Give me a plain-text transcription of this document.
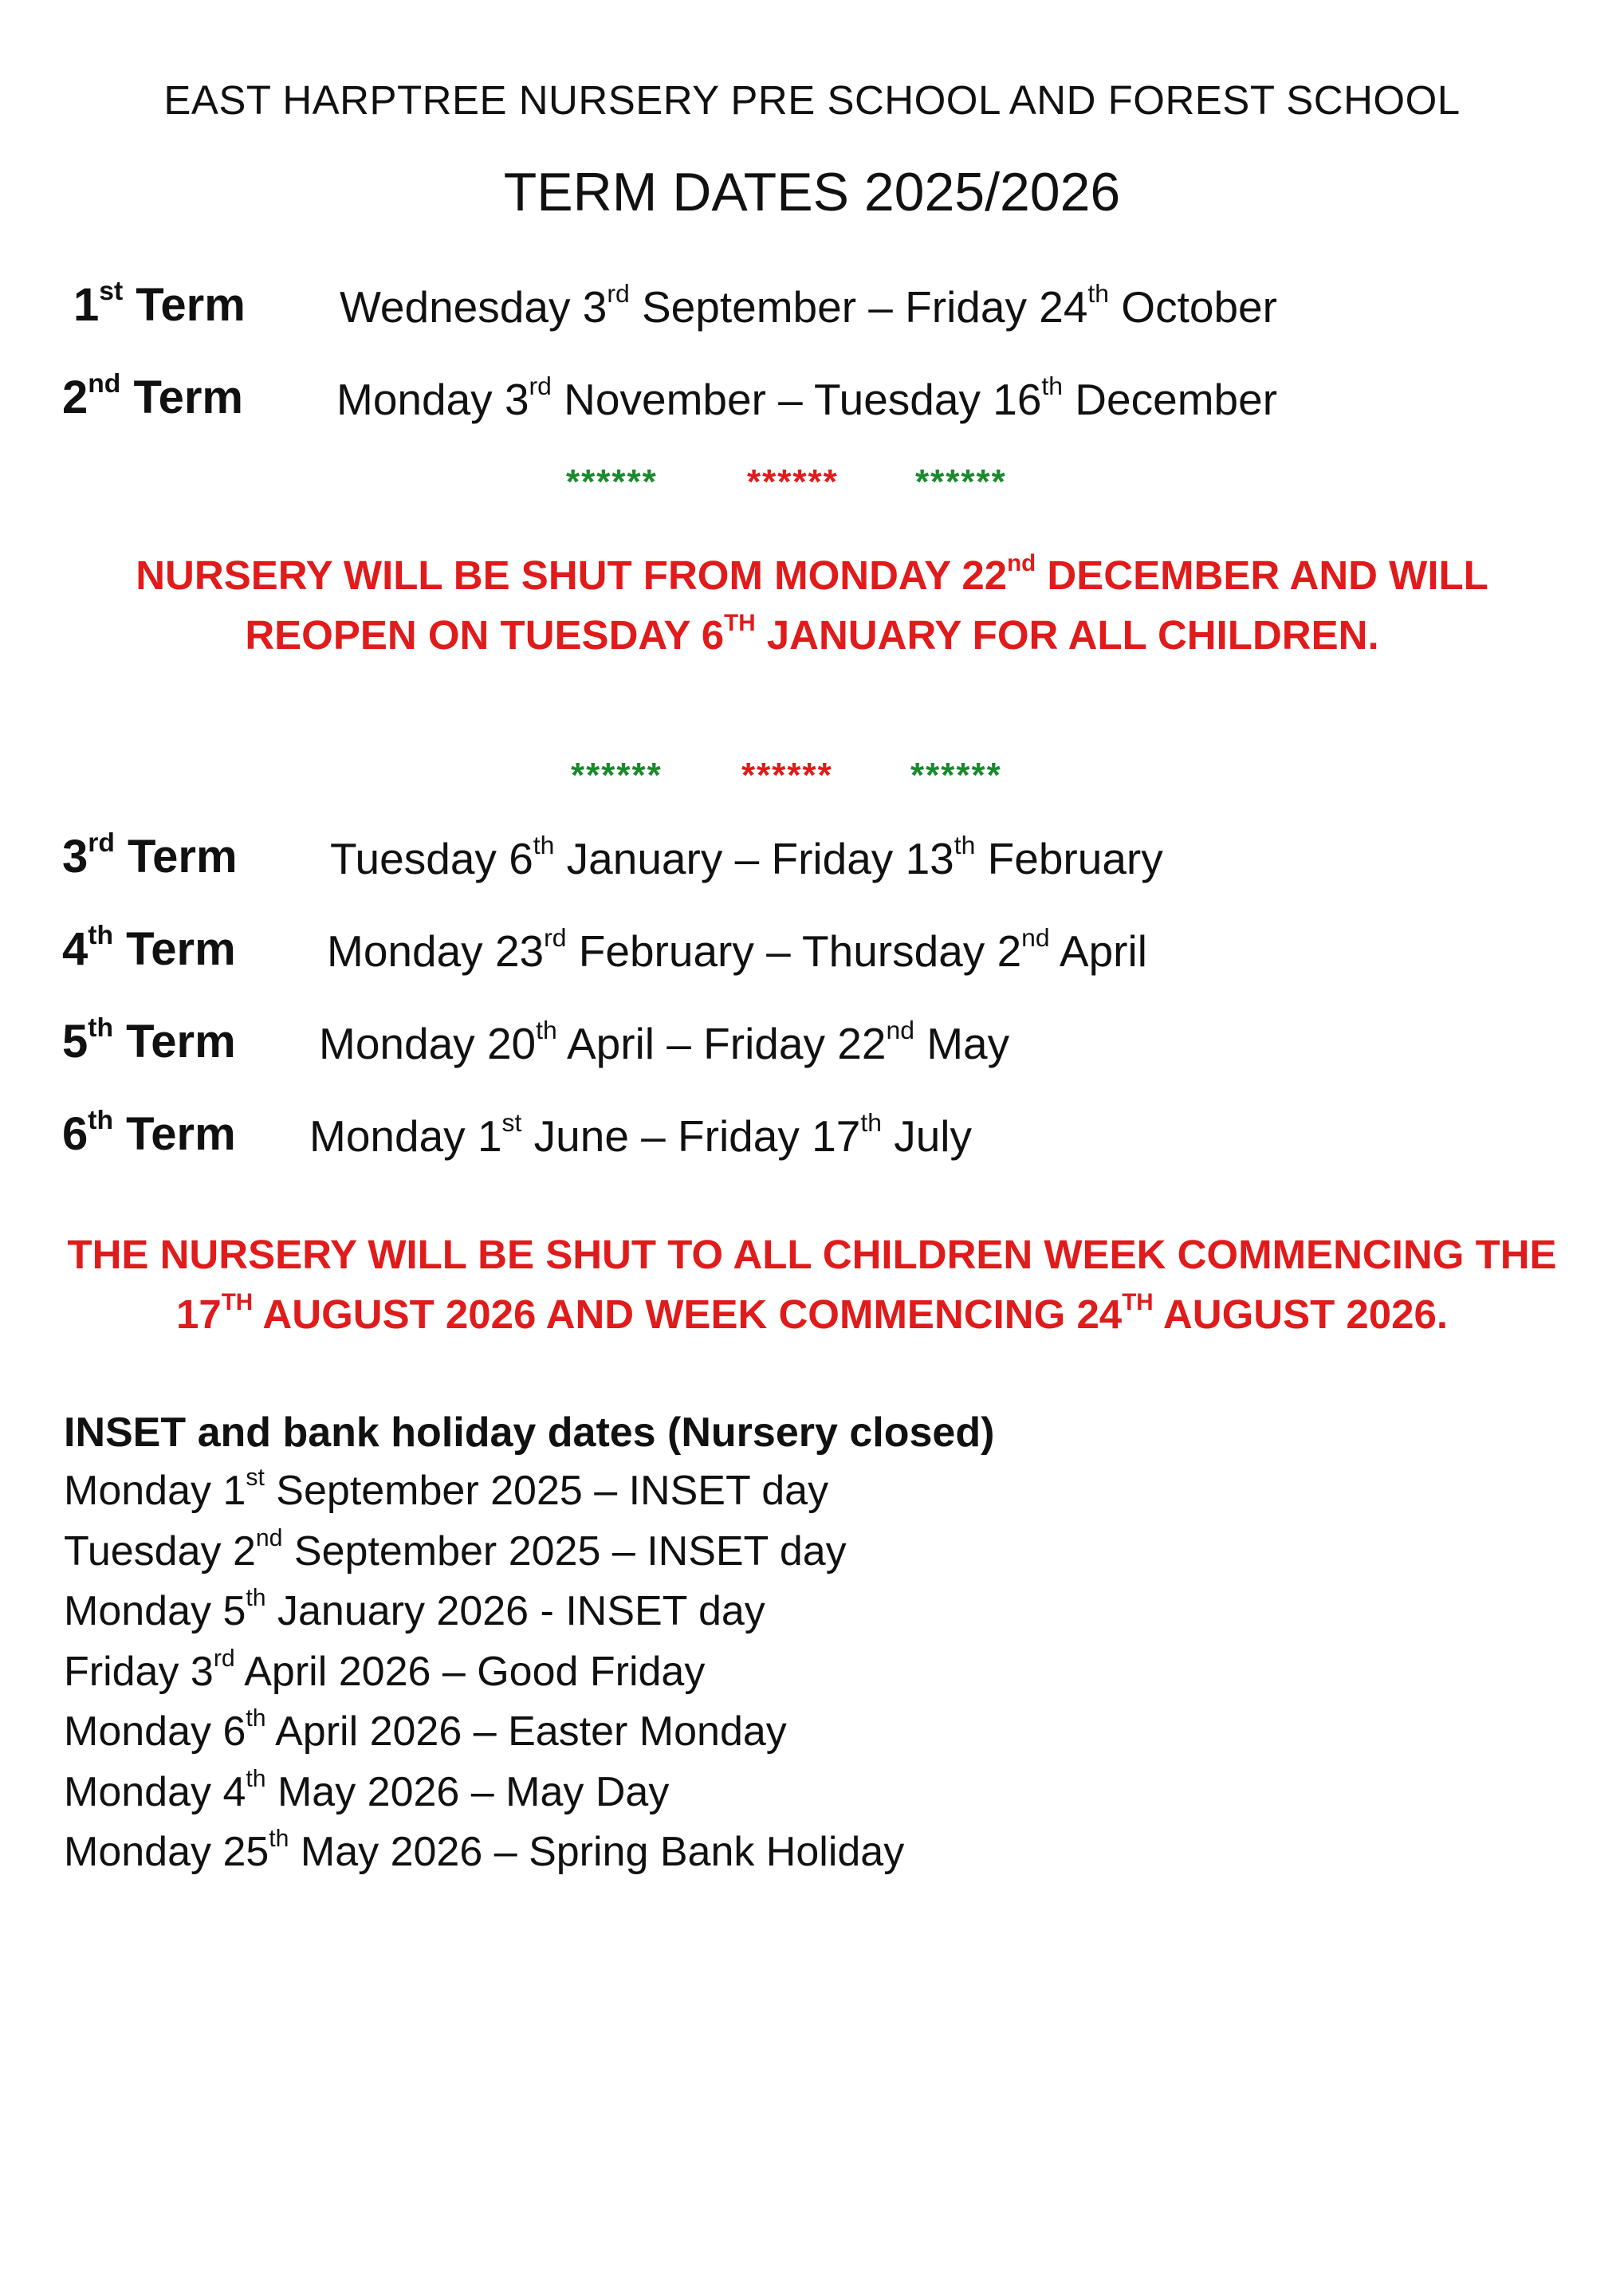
EAST HARPTREE NURSERY PRE SCHOOL AND FOREST SCHOOL
TERM DATES 2025/2026
1st Term Wednesday 3rd September – Friday 24th October
2nd Term Monday 3rd November – Tuesday 16th December
******	****** ******
NURSERY WILL BE SHUT FROM MONDAY 22nd DECEMBER AND WILL
REOPEN ON TUESDAY 6TH JANUARY FOR ALL CHILDREN.
****** ****** ******
3rd Term Tuesday 6th January – Friday 13th February
4th Term Monday 23rd February – Thursday 2nd April
5th Term Monday 20th April – Friday 22nd May
6th Term Monday 1st June – Friday 17th July
THE NURSERY WILL BE SHUT TO ALL CHILDREN WEEK COMMENCING THE
17TH AUGUST 2026 AND WEEK COMMENCING 24TH AUGUST 2026.
INSET and bank holiday dates (Nursery closed)
Monday 1st September 2025 – INSET day
Tuesday 2nd September 2025 – INSET day
Monday 5th January 2026 - INSET day
Friday 3rd April 2026 – Good Friday
Monday 6th April 2026 – Easter Monday
Monday 4th May 2026 – May Day
Monday 25th May 2026 – Spring Bank Holiday
